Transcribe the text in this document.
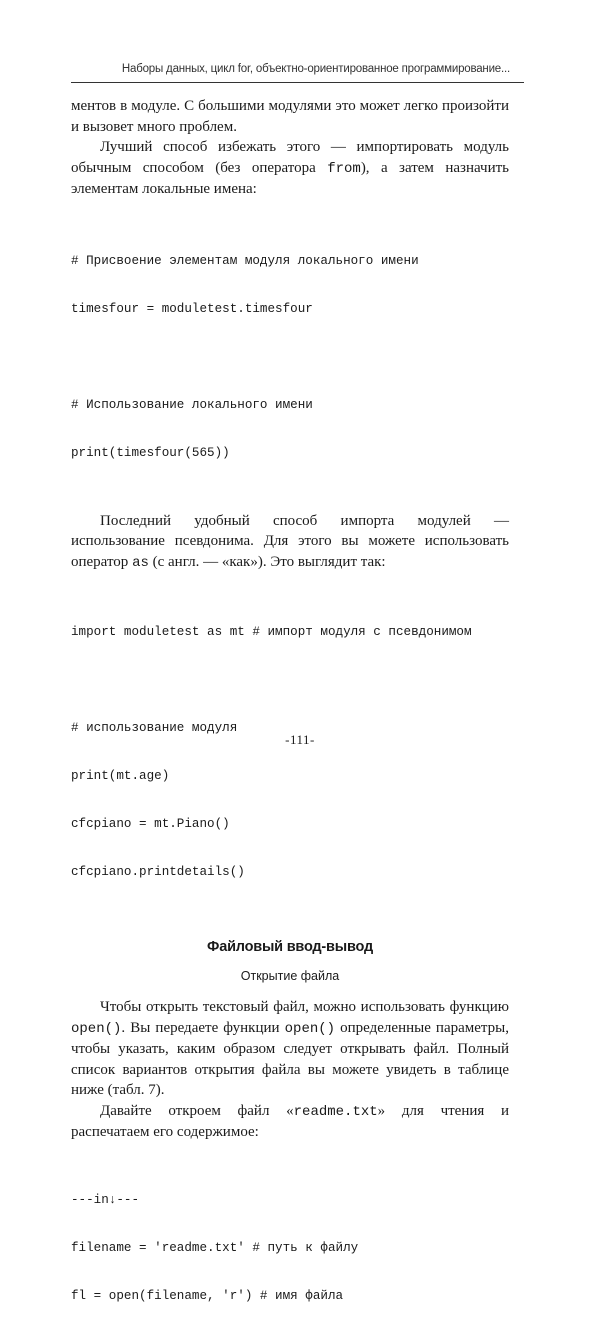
Наборы данных, цикл for, объектно-ориентированное программирование...

ментов в модуле. С большими модулями это может легко произойти и вызовет много проблем.

Лучший способ избежать этого — импортировать модуль обычным способом (без оператора from), а затем назначить элементам локальные имена:

# Присвоение элементам модуля локального имени

timesfour = moduletest.timesfour

# Использование локального имени

print(timesfour(565))

Последний удобный способ импорта модулей — использование псевдонима. Для этого вы можете использовать оператор as (с англ. — «как»). Это выглядит так:

import moduletest as mt # импорт модуля с псевдонимом

# использование модуля

print(mt.age)

cfcpiano = mt.Piano()

cfcpiano.printdetails()

Файловый ввод-вывод
Открытие файла

Чтобы открыть текстовый файл, можно использовать функцию open(). Вы передаете функции open() определенные параметры, чтобы указать, каким образом следует открывать файл. Полный список вариантов открытия файла вы можете увидеть в таблице ниже (табл. 7).

Давайте откроем файл «readme.txt» для чтения и распечатаем его содержимое:

---in↓---

filename = 'readme.txt' # путь к файлу

fl = open(filename, 'r') # имя файла

-111-
